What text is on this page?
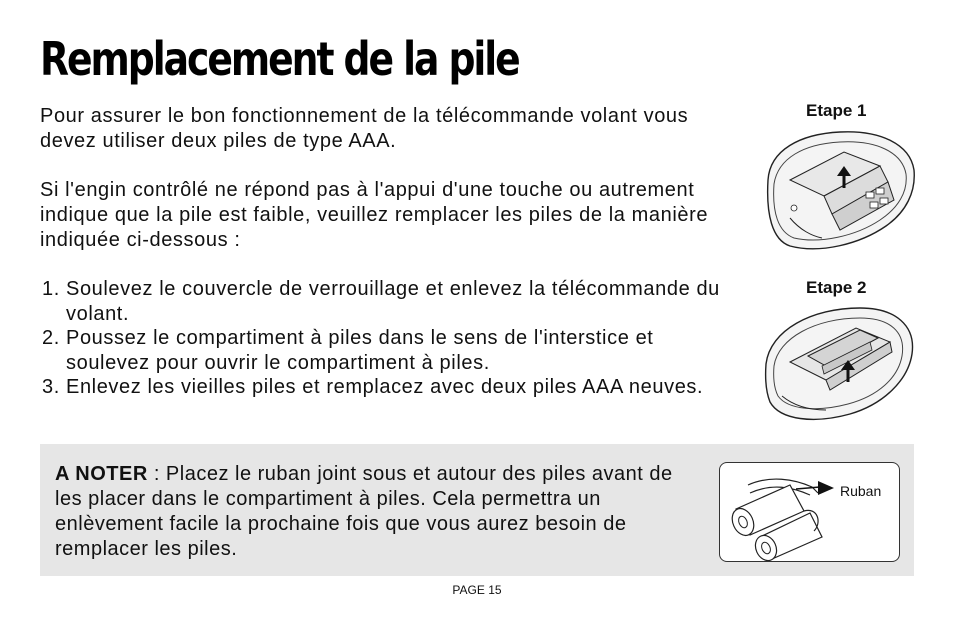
Remplacement de la pile

Pour assurer le bon fonctionnement de la télécommande volant vous devez utiliser deux piles de type AAA.

Si l'engin contrôlé ne répond pas à l'appui d'une touche ou autrement indique que la pile est faible, veuillez remplacer les piles de la manière indiquée ci-dessous :

1. Soulevez le couvercle de verrouillage et enlevez la télécommande du volant.
2. Poussez le compartiment à piles dans le sens de l'interstice et soulevez pour ouvrir le compartiment à piles.
3. Enlevez les vieilles piles et remplacez avec deux piles AAA neuves.
Etape 1
Etape 2

A NOTER : Placez le ruban joint sous et autour des piles avant de les placer dans le compartiment à piles. Cela permettra un enlèvement facile la prochaine fois que vous aurez besoin de remplacer les piles.

Ruban
PAGE 15
